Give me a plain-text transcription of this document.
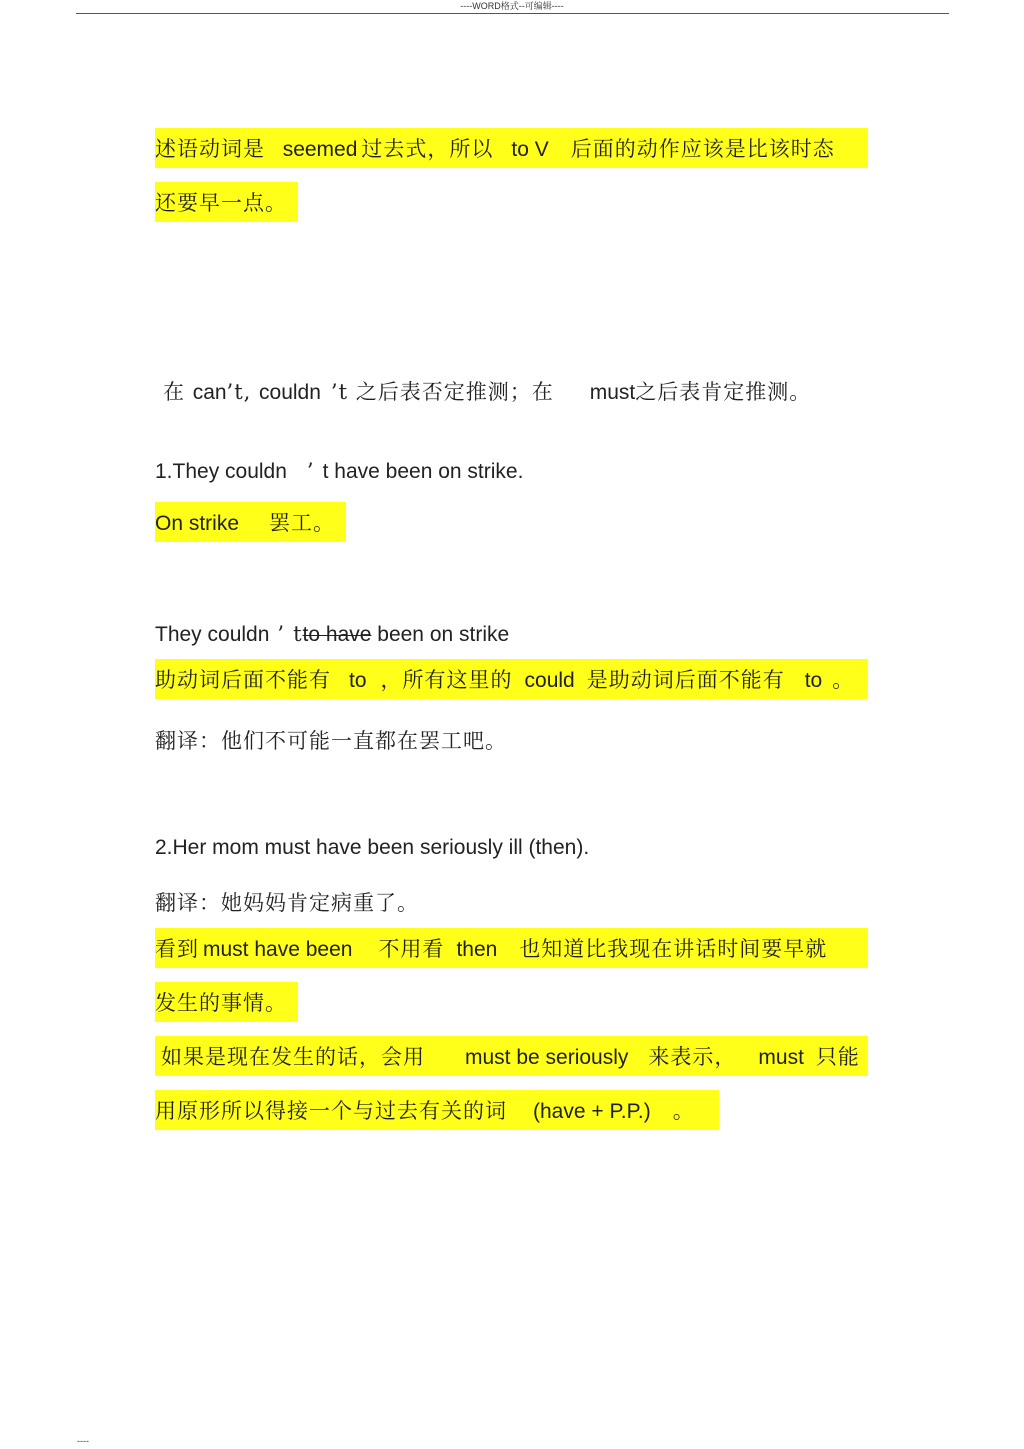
----WORD格式--可编辑----
述语动词是 seemed 过去式，所以 to V 后面的动作应该是比该时态
还要早一点。
在 can’t, couldn ’t 之后表否定推测；在 must之后表肯定推测。
1.They couldn ’ t have been on strike.
On strike 罢工。
They couldn ’ tto have been on strike
助动词后面不能有 to ，所有这里的 could 是助动词后面不能有 to 。
翻译：他们不可能一直都在罢工吧。
2.Her mom must have been seriously ill (then).
翻译：她妈妈肯定病重了。
看到 must have been 不用看 then 也知道比我现在讲话时间要早就
发生的事情。
如果是现在发生的话，会用 must be seriously 来表示， must 只能
用原形所以得接一个与过去有关的词 (have + P.P.) 。
----
